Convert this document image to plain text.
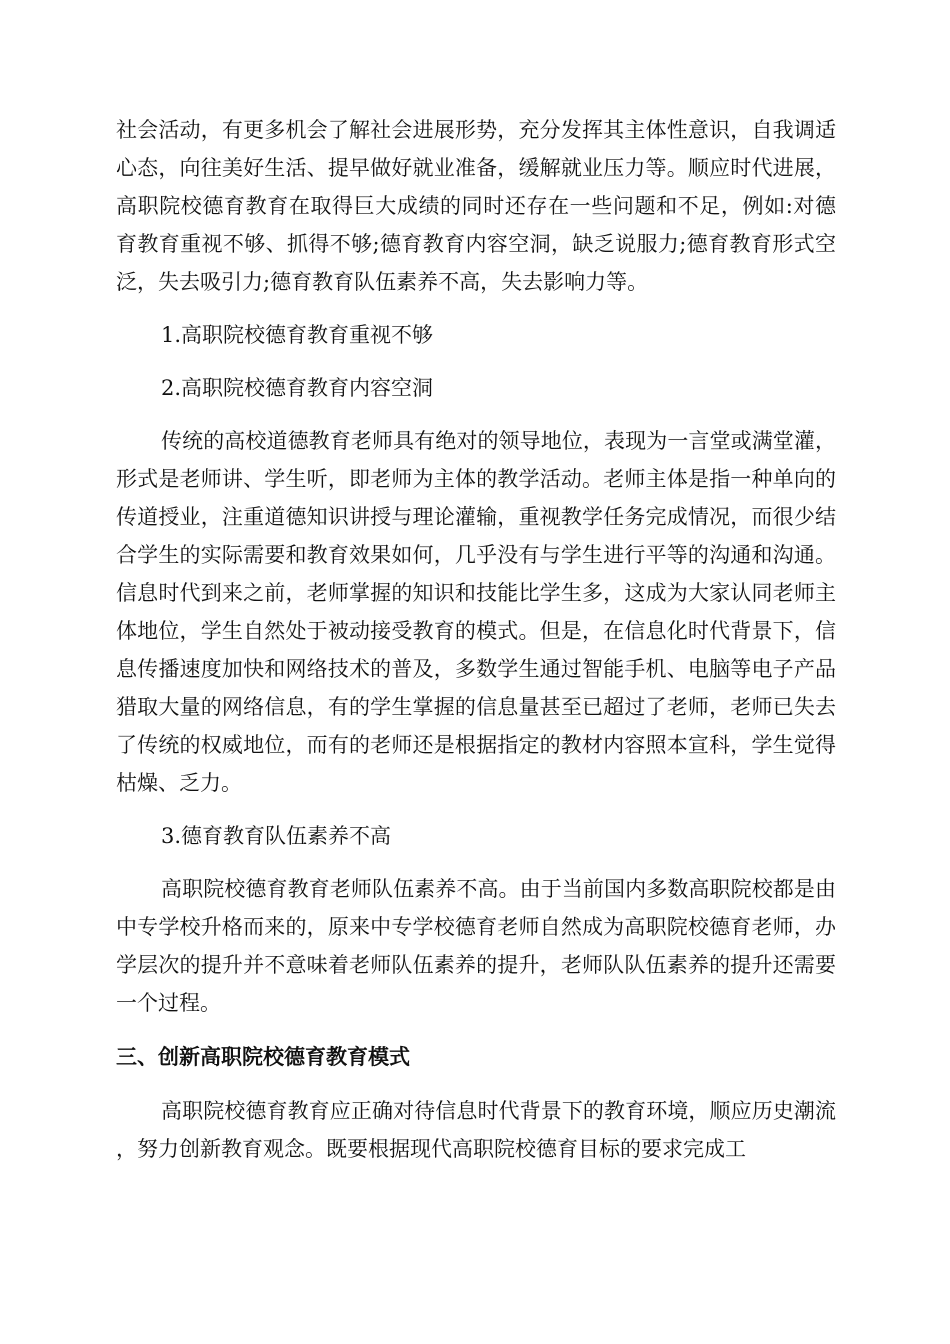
社会活动，有更多机会了解社会进展形势，充分发挥其主体性意识，自我调适心态，向往美好生活、提早做好就业准备，缓解就业压力等。顺应时代进展，高职院校德育教育在取得巨大成绩的同时还存在一些问题和不足，例如:对德育教育重视不够、抓得不够;德育教育内容空洞，缺乏说服力;德育教育形式空泛，失去吸引力;德育教育队伍素养不高，失去影响力等。

1.高职院校德育教育重视不够

2.高职院校德育教育内容空洞

传统的高校道德教育老师具有绝对的领导地位，表现为一言堂或满堂灌，形式是老师讲、学生听，即老师为主体的教学活动。老师主体是指一种单向的传道授业，注重道德知识讲授与理论灌输，重视教学任务完成情况，而很少结合学生的实际需要和教育效果如何，几乎没有与学生进行平等的沟通和沟通。信息时代到来之前，老师掌握的知识和技能比学生多，这成为大家认同老师主体地位，学生自然处于被动接受教育的模式。但是，在信息化时代背景下，信息传播速度加快和网络技术的普及，多数学生通过智能手机、电脑等电子产品猎取大量的网络信息，有的学生掌握的信息量甚至已超过了老师，老师已失去了传统的权威地位，而有的老师还是根据指定的教材内容照本宣科，学生觉得枯燥、乏力。

3.德育教育队伍素养不高

高职院校德育教育老师队伍素养不高。由于当前国内多数高职院校都是由中专学校升格而来的，原来中专学校德育老师自然成为高职院校德育老师，办学层次的提升并不意味着老师队伍素养的提升，老师队队伍素养的提升还需要一个过程。

三、创新高职院校德育教育模式

高职院校德育教育应正确对待信息时代背景下的教育环境，顺应历史潮流，努力创新教育观念。既要根据现代高职院校德育目标的要求完成工
